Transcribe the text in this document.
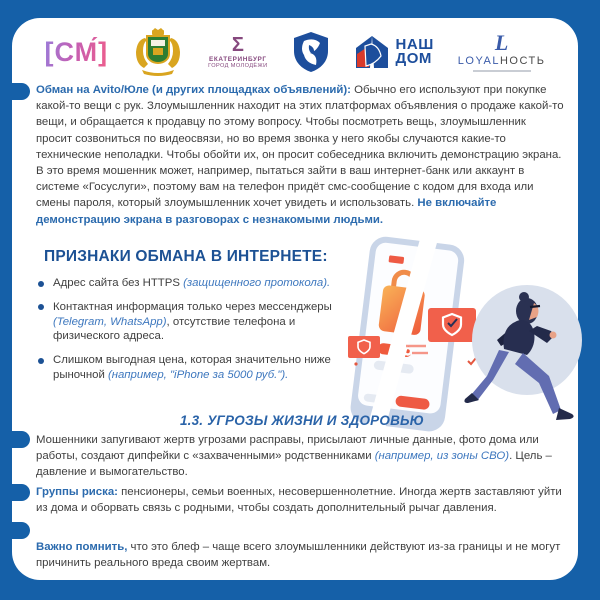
[СМ́]	Σ
ЕКАТЕРИНБУРГ
ГОРОД МОЛОДЁЖИ
НАШ
ДОМ
L
LOYALНОСТЬ

Обман на Avito/Юле (и других площадках объявлений): Обычно его используют при покупке какой-то вещи с рук. Злоумышленник находит на этих платформах объявления о продаже какой-то вещи, и обращается к продавцу по этому вопросу. Чтобы посмотреть вещь, злоумышленник просит созвониться по видеосвязи, но во время звонка у него якобы случаются какие-то технические неполадки. Чтобы обойти их, он просит собеседника включить демонстрацию экрана. В это время мошенник может, например, пытаться зайти в ваш интернет-банк или аккаунт в системе «Госуслуги», поэтому вам на телефон придёт смс-сообщение с кодом для входа или смены пароля, который злоумышленник хочет увидеть и использовать. Не включайте демонстрацию экрана в разговорах с незнакомыми людьми.

ПРИЗНАКИ ОБМАНА В ИНТЕРНЕТЕ:
Адрес сайта без HTTPS (защищенного протокола).
Контактная информация только через мессенджеры (Telegram, WhatsApp), отсутствие телефона и физического адреса.
Слишком выгодная цена, которая значительно ниже рыночной (например, "iPhone за 5000 руб.").
1.3. УГРОЗЫ ЖИЗНИ И ЗДОРОВЬЮ

Мошенники запугивают жертв угрозами расправы, присылают личные данные, фото дома или работы, создают дипфейки с «захваченными» родственниками (например, из зоны СВО). Цель – давление и вымогательство.

Группы риска: пенсионеры, семьи военных, несовершеннолетние. Иногда жертв заставляют уйти из дома и оборвать связь с родными, чтобы создать дополнительный рычаг давления.

Важно помнить, что это блеф – чаще всего злоумышленники действуют из-за границы и не могут причинить реального вреда своим жертвам.
